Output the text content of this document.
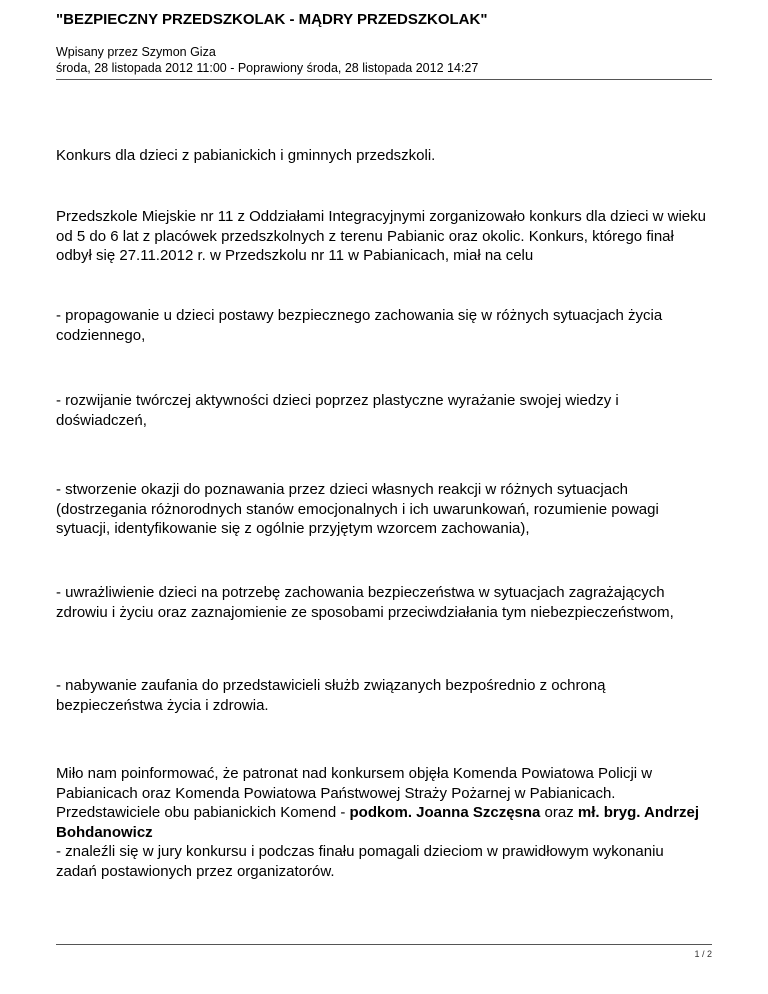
"BEZPIECZNY PRZEDSZKOLAK - MĄDRY PRZEDSZKOLAK"
Wpisany przez Szymon Giza
środa, 28 listopada 2012 11:00 - Poprawiony środa, 28 listopada 2012 14:27
Konkurs dla dzieci z pabianickich i gminnych przedszkoli.
Przedszkole Miejskie nr 11 z Oddziałami Integracyjnymi zorganizowało konkurs dla dzieci w wieku od 5 do 6 lat z placówek przedszkolnych z terenu Pabianic oraz okolic. Konkurs, którego finał odbył się 27.11.2012 r. w Przedszkolu nr 11 w Pabianicach, miał na celu
- propagowanie u dzieci postawy bezpiecznego zachowania się w różnych sytuacjach życia codziennego,
- rozwijanie twórczej aktywności dzieci poprzez plastyczne wyrażanie swojej wiedzy i doświadczeń,
- stworzenie okazji do poznawania przez dzieci własnych reakcji w różnych sytuacjach (dostrzegania różnorodnych stanów emocjonalnych i ich uwarunkowań, rozumienie powagi sytuacji, identyfikowanie się z ogólnie przyjętym wzorcem zachowania),
- uwrażliwienie dzieci na potrzebę zachowania bezpieczeństwa w sytuacjach zagrażających zdrowiu i życiu oraz zaznajomienie ze sposobami przeciwdziałania tym niebezpieczeństwom,
- nabywanie zaufania do przedstawicieli służb związanych bezpośrednio z ochroną bezpieczeństwa życia i zdrowia.
Miło nam poinformować, że patronat nad konkursem objęła Komenda Powiatowa Policji w Pabianicach oraz Komenda Powiatowa Państwowej Straży Pożarnej w Pabianicach. Przedstawiciele obu pabianickich Komend - podkom. Joanna Szczęsna oraz mł. bryg. Andrzej Bohdanowicz
- znaleźli się w jury konkursu i podczas finału pomagali dzieciom w prawidłowym wykonaniu zadań postawionych przez organizatorów.
1 / 2
